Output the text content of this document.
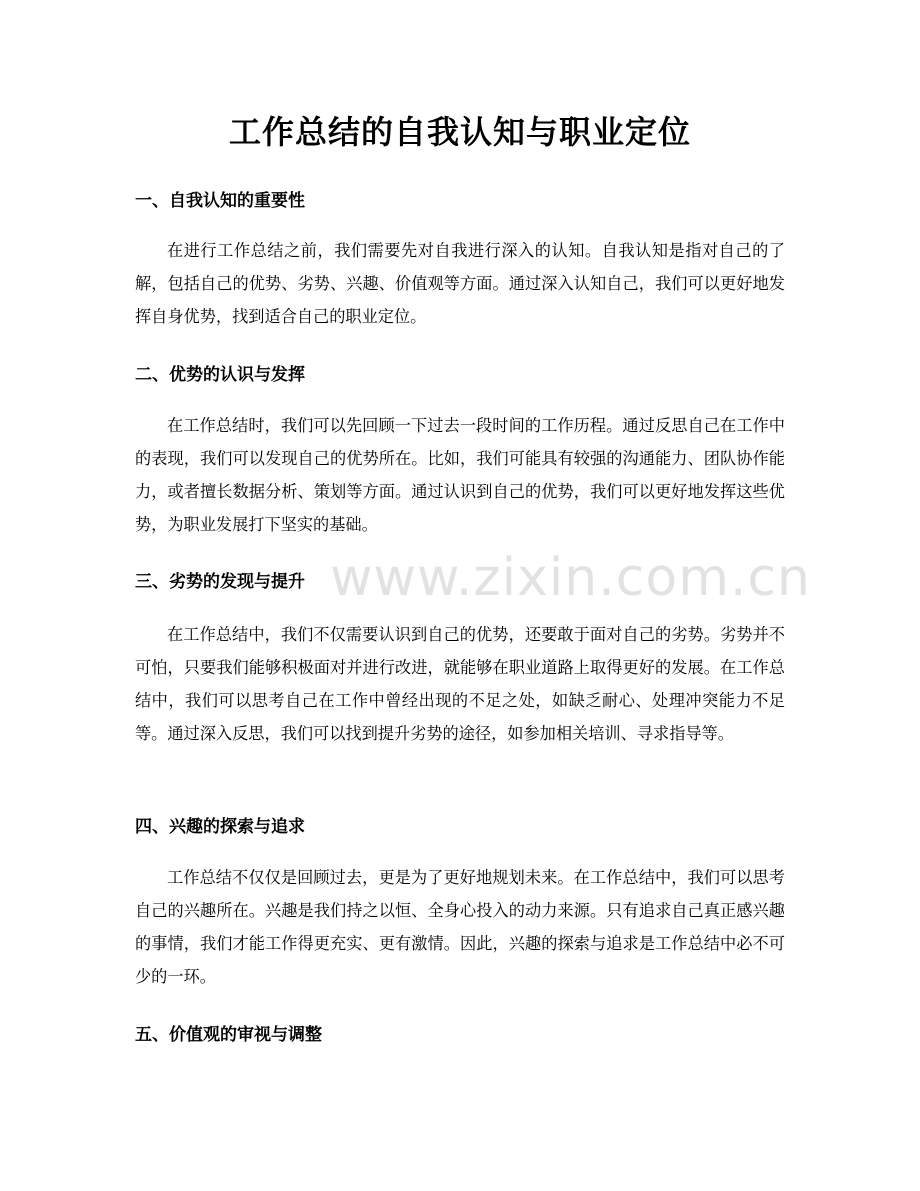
工作总结的自我认知与职业定位
一、自我认知的重要性

在进行工作总结之前，我们需要先对自我进行深入的认知。自我认知是指对自己的了解，包括自己的优势、劣势、兴趣、价值观等方面。通过深入认知自己，我们可以更好地发挥自身优势，找到适合自己的职业定位。

二、优势的认识与发挥

在工作总结时，我们可以先回顾一下过去一段时间的工作历程。通过反思自己在工作中的表现，我们可以发现自己的优势所在。比如，我们可能具有较强的沟通能力、团队协作能力，或者擅长数据分析、策划等方面。通过认识到自己的优势，我们可以更好地发挥这些优势，为职业发展打下坚实的基础。

三、劣势的发现与提升

在工作总结中，我们不仅需要认识到自己的优势，还要敢于面对自己的劣势。劣势并不可怕，只要我们能够积极面对并进行改进，就能够在职业道路上取得更好的发展。在工作总结中，我们可以思考自己在工作中曾经出现的不足之处，如缺乏耐心、处理冲突能力不足等。通过深入反思，我们可以找到提升劣势的途径，如参加相关培训、寻求指导等。

四、兴趣的探索与追求

工作总结不仅仅是回顾过去，更是为了更好地规划未来。在工作总结中，我们可以思考自己的兴趣所在。兴趣是我们持之以恒、全身心投入的动力来源。只有追求自己真正感兴趣的事情，我们才能工作得更充实、更有激情。因此，兴趣的探索与追求是工作总结中必不可少的一环。

五、价值观的审视与调整
www.zixin.com.cn
